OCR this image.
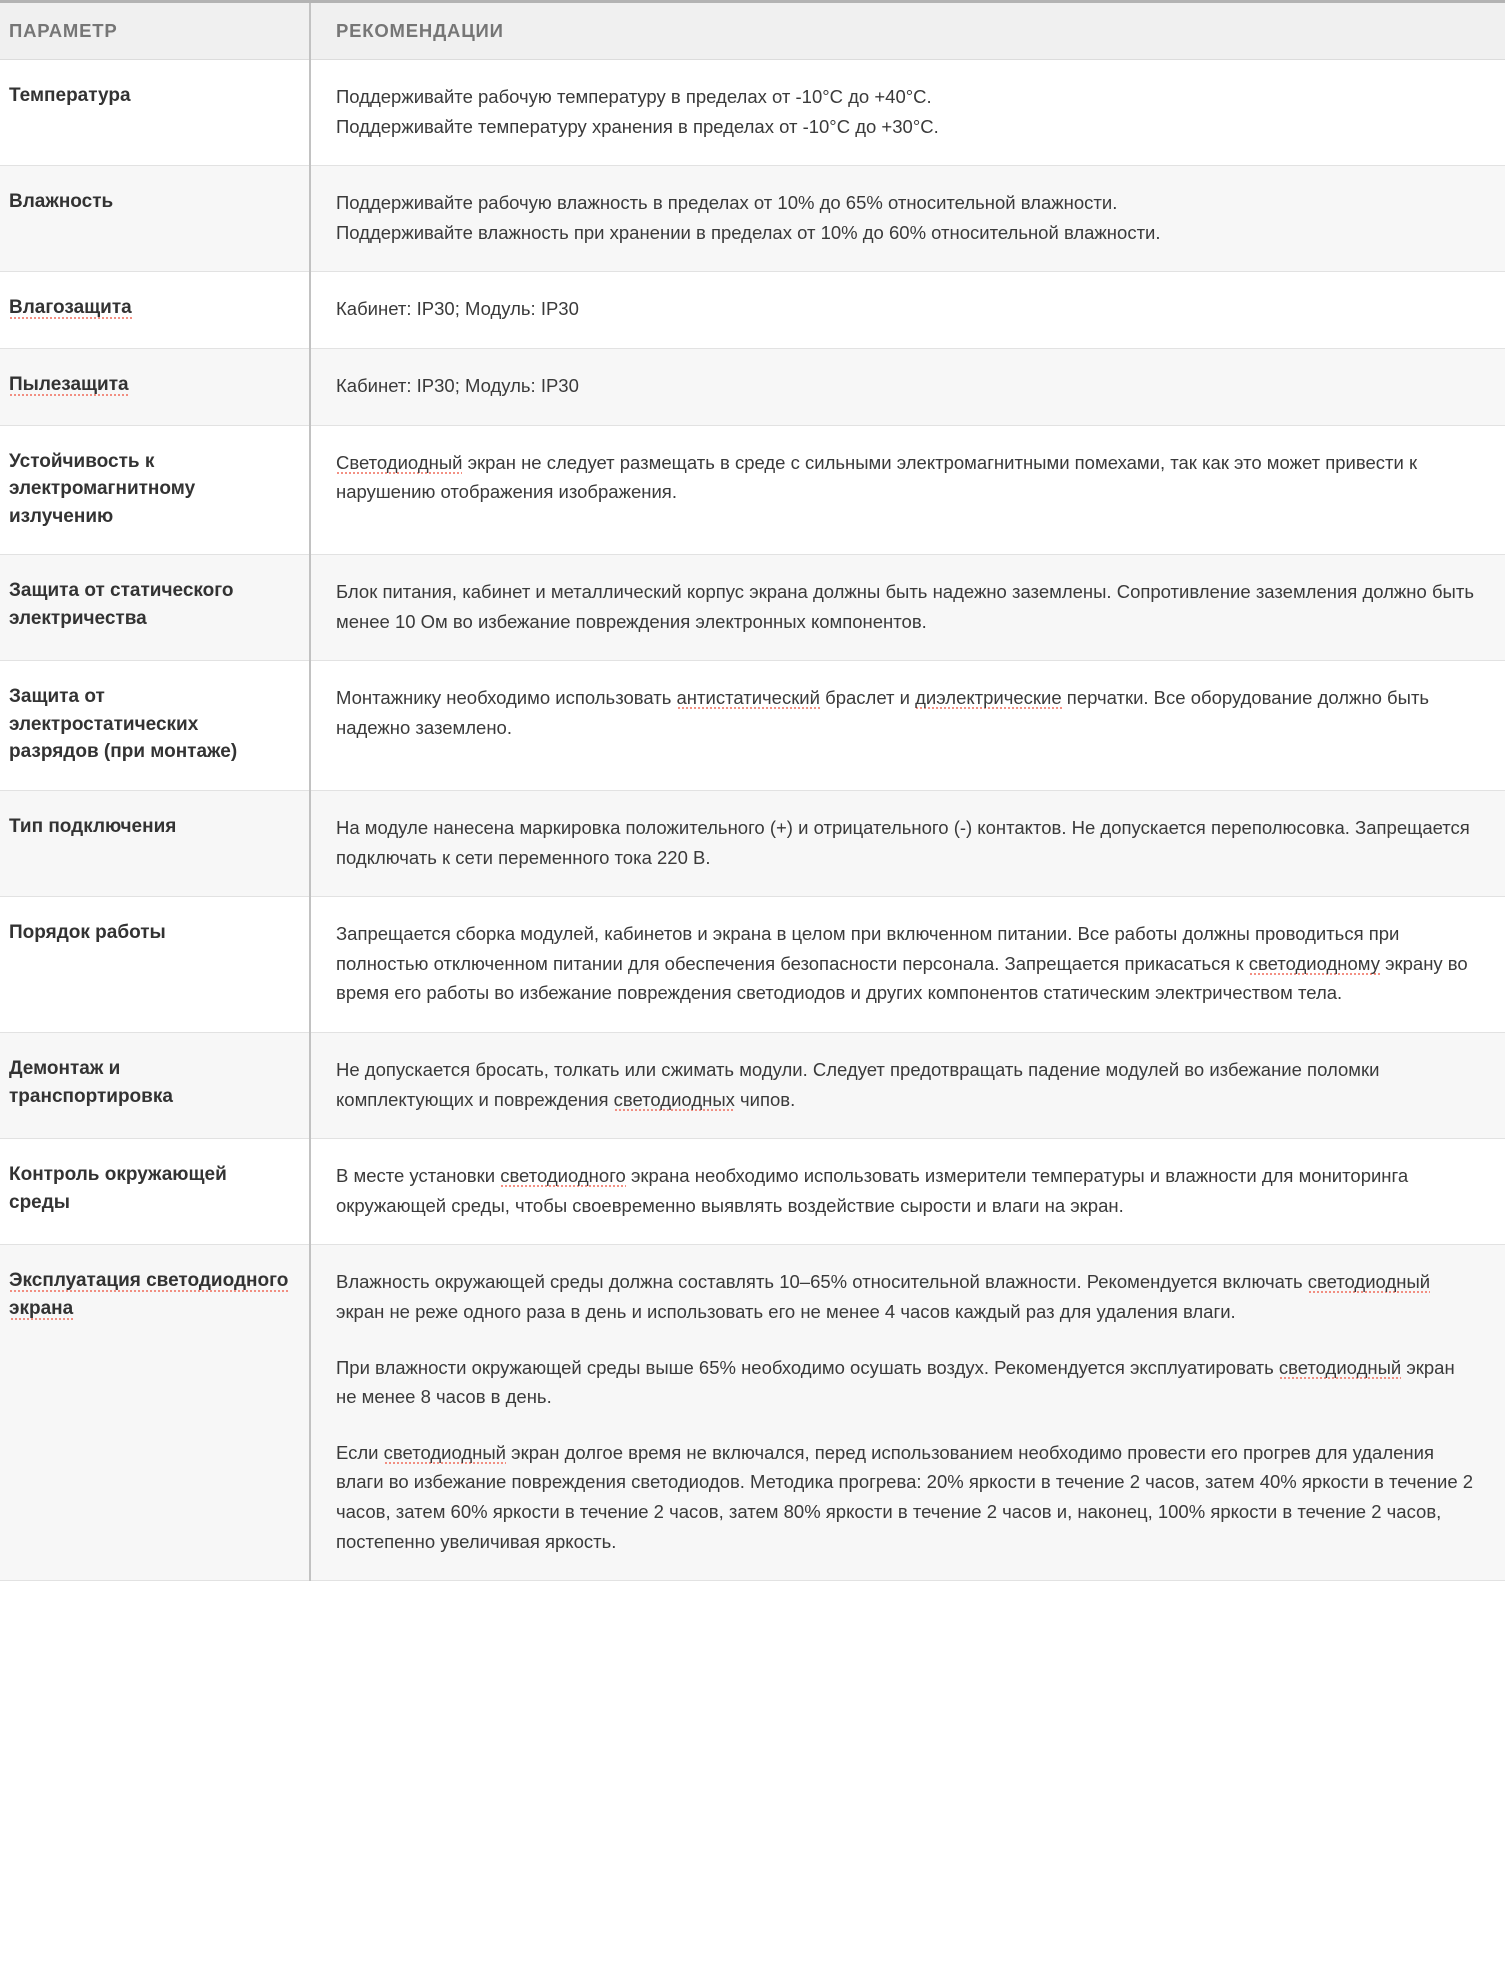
ПАРАМЕТР	РЕКОМЕНДАЦИИ
Температура	Поддерживайте рабочую температуру в пределах от -10°C до +40°C.

Поддерживайте температуру хранения в пределах от -10°C до +30°C.

Влажность	Поддерживайте рабочую влажность в пределах от 10% до 65% относительной влажности.

Поддерживайте влажность при хранении в пределах от 10% до 60% относительной влажности.

Влагозащита	Кабинет: IP30; Модуль: IP30

Пылезащита	Кабинет: IP30; Модуль: IP30

Устойчивость к электромагнитному излучению	Светодиодный экран не следует размещать в среде с сильными электромагнитными помехами, так как это может привести к нарушению отображения изображения.

Защита от статического электричества	Блок питания, кабинет и металлический корпус экрана должны быть надежно заземлены. Сопротивление заземления должно быть менее 10 Ом во избежание повреждения электронных компонентов.

Защита от электростатических разрядов (при монтаже)	Монтажнику необходимо использовать антистатический браслет и диэлектрические перчатки. Все оборудование должно быть надежно заземлено.

Тип подключения	На модуле нанесена маркировка положительного (+) и отрицательного (-) контактов. Не допускается переполюсовка. Запрещается подключать к сети переменного тока 220 В.

Порядок работы	Запрещается сборка модулей, кабинетов и экрана в целом при включенном питании. Все работы должны проводиться при полностью отключенном питании для обеспечения безопасности персонала. Запрещается прикасаться к светодиодному экрану во время его работы во избежание повреждения светодиодов и других компонентов статическим электричеством тела.

Демонтаж и транспортировка	Не допускается бросать, толкать или сжимать модули. Следует предотвращать падение модулей во избежание поломки комплектующих и повреждения светодиодных чипов.

Контроль окружающей среды	В месте установки светодиодного экрана необходимо использовать измерители температуры и влажности для мониторинга окружающей среды, чтобы своевременно выявлять воздействие сырости и влаги на экран.

Эксплуатация светодиодного экрана	Влажность окружающей среды должна составлять 10–65% относительной влажности. Рекомендуется включать светодиодный экран не реже одного раза в день и использовать его не менее 4 часов каждый раз для удаления влаги.

При влажности окружающей среды выше 65% необходимо осушать воздух. Рекомендуется эксплуатировать светодиодный экран не менее 8 часов в день.

Если светодиодный экран долгое время не включался, перед использованием необходимо провести его прогрев для удаления влаги во избежание повреждения светодиодов. Методика прогрева: 20% яркости в течение 2 часов, затем 40% яркости в течение 2 часов, затем 60% яркости в течение 2 часов, затем 80% яркости в течение 2 часов и, наконец, 100% яркости в течение 2 часов, постепенно увеличивая яркость.
